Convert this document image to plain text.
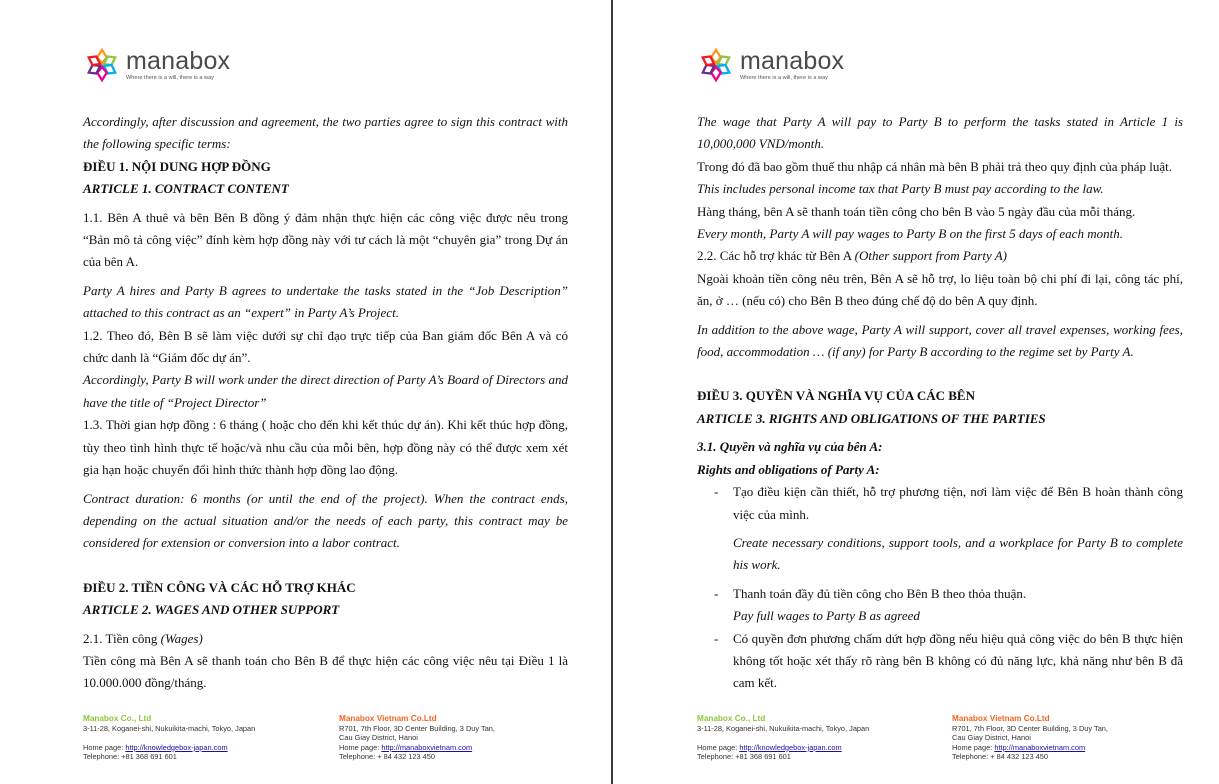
manabox
Where there is a will, there is a way

Accordingly, after discussion and agreement, the two parties agree to sign this contract with the following specific terms:

ĐIỀU 1. NỘI DUNG HỢP ĐỒNG

ARTICLE 1. CONTRACT CONTENT

1.1. Bên A thuê và bên Bên B đồng ý đảm nhận thực hiện các công việc được nêu trong “Bản mô tả công việc” đính kèm hợp đồng này với tư cách là một “chuyên gia” trong Dự án của bên A.

Party A hires and Party B agrees to undertake the tasks stated in the “Job Description” attached to this contract as an “expert” in Party A’s Project.

1.2. Theo đó, Bên B sẽ làm việc dưới sự chỉ đạo trực tiếp của Ban giám đốc Bên A và có chức danh là “Giám đốc dự án”.

Accordingly, Party B will work under the direct direction of Party A’s Board of Directors and have the title of “Project Director”

1.3. Thời gian hợp đồng : 6 tháng ( hoặc cho đến khi kết thúc dự án). Khi kết thúc hợp đồng, tùy theo tình hình thực tế hoặc/và nhu cầu của mỗi bên, hợp đồng này có thể được xem xét gia hạn hoặc chuyển đổi hình thức thành hợp đồng lao động.

Contract duration: 6 months (or until the end of the project). When the contract ends, depending on the actual situation and/or the needs of each party, this contract may be considered for extension or conversion into a labor contract.

ĐIỀU 2. TIỀN CÔNG VÀ CÁC HỖ TRỢ KHÁC

ARTICLE 2. WAGES AND OTHER SUPPORT

2.1. Tiền công (Wages)

Tiền công mà Bên A sẽ thanh toán cho Bên B để thực hiện các công việc nêu tại Điều 1 là 10.000.000 đồng/tháng.

Manabox Co., Ltd
3-11-28, Koganei-shi, Nukuikita-machi, Tokyo, Japan
Home page: http://knowledgebox-japan.com
Telephone: +81 368 691 601
Manabox Vietnam Co.Ltd
R701, 7th Floor, 3D Center Building, 3 Duy Tan,
Cau Giay District, Hanoi
Home page: http://manaboxvietnam.com
Telephone: + 84 432 123 450
manabox
Where there is a will, there is a way

The wage that Party A will pay to Party B to perform the tasks stated in Article 1 is 10,000,000 VND/month.

Trong đó đã bao gồm thuế thu nhập cá nhân mà bên B phải trả theo quy định của pháp luật.

This includes personal income tax that Party B must pay according to the law.

Hàng tháng, bên A sẽ thanh toán tiền công cho bên B vào 5 ngày đầu của mỗi tháng.

Every month, Party A will pay wages to Party B on the first 5 days of each month.

2.2. Các hỗ trợ khác từ Bên A (Other support from Party A)

Ngoài khoản tiền công nêu trên, Bên A sẽ hỗ trợ, lo liệu toàn bộ chi phí đi lại, công tác phí, ăn, ở … (nếu có) cho Bên B theo đúng chế độ do bên A quy định.

In addition to the above wage, Party A will support, cover all travel expenses, working fees, food, accommodation … (if any) for Party B according to the regime set by Party A.

ĐIỀU 3. QUYỀN VÀ NGHĨA VỤ CỦA CÁC BÊN

ARTICLE 3. RIGHTS AND OBLIGATIONS OF THE PARTIES

3.1. Quyền và nghĩa vụ của bên A:

Rights and obligations of Party A:

-	Tạo điều kiện cần thiết, hỗ trợ phương tiện, nơi làm việc để Bên B hoàn thành công việc của mình.

Create necessary conditions, support tools, and a workplace for Party B to complete his work.

-	Thanh toán đầy đủ tiền công cho Bên B theo thỏa thuận.

Pay full wages to Party B as agreed

-	Có quyền đơn phương chấm dứt hợp đồng nếu hiệu quả công việc do bên B thực hiện không tốt hoặc xét thấy rõ ràng bên B không có đủ năng lực, khả năng như bên B đã cam kết.

Manabox Co., Ltd
3-11-28, Koganei-shi, Nukuikita-machi, Tokyo, Japan
Home page: http://knowledgebox-japan.com
Telephone: +81 368 691 601
Manabox Vietnam Co.Ltd
R701, 7th Floor, 3D Center Building, 3 Duy Tan,
Cau Giay District, Hanoi
Home page: http://manaboxvietnam.com
Telephone: + 84 432 123 450
